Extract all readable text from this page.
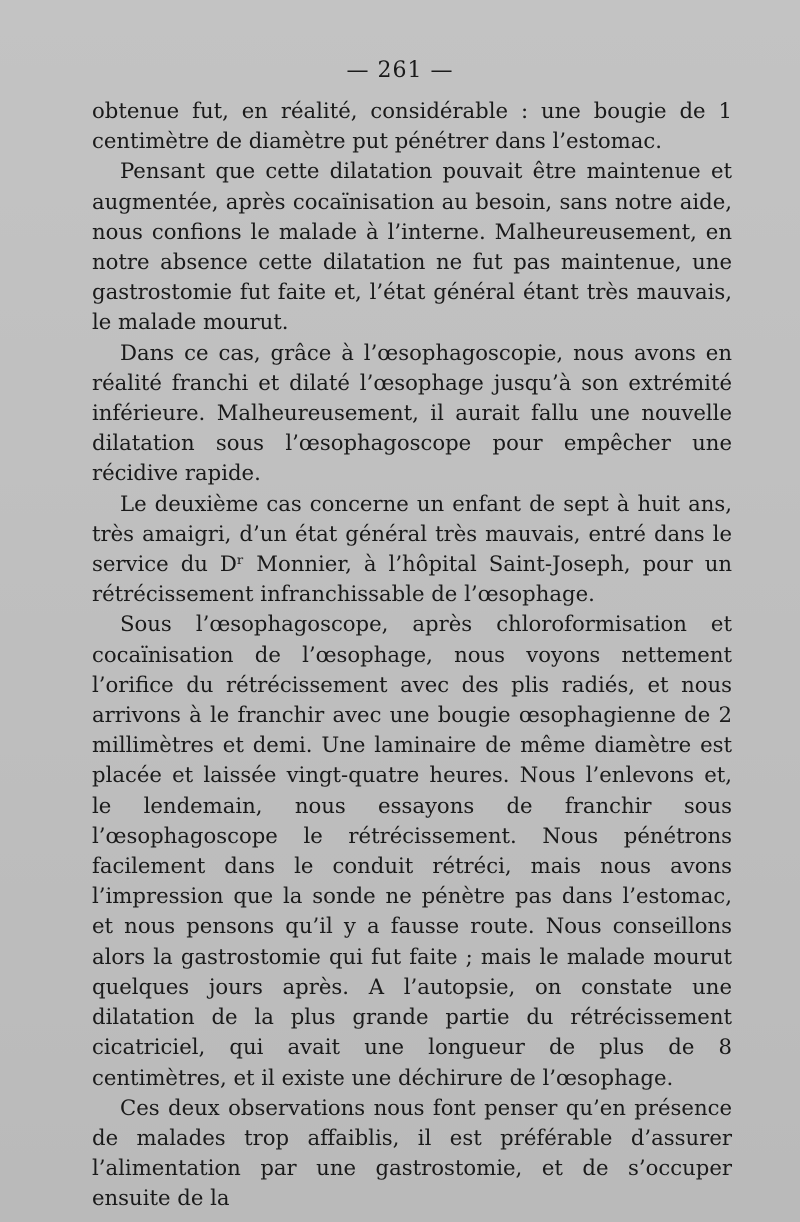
— 261 —

obtenue fut, en réalité, considérable : une bougie de 1 centimètre de diamètre put pénétrer dans l’estomac.

Pensant que cette dilatation pouvait être maintenue et augmentée, après cocaïnisation au besoin, sans notre aide, nous confions le malade à l’interne. Malheureusement, en notre absence cette dilatation ne fut pas maintenue, une gastrostomie fut faite et, l’état général étant très mauvais, le malade mourut.

Dans ce cas, grâce à l’œsophagoscopie, nous avons en réalité franchi et dilaté l’œsophage jusqu’à son extrémité inférieure. Malheureusement, il aurait fallu une nouvelle dilatation sous l’œsophagoscope pour empêcher une récidive rapide.

Le deuxième cas concerne un enfant de sept à huit ans, très amaigri, d’un état général très mauvais, entré dans le service du Dʳ Monnier, à l’hôpital Saint-Joseph, pour un rétrécissement infranchissable de l’œsophage.

Sous l’œsophagoscope, après chloroformisation et cocaïnisation de l’œsophage, nous voyons nettement l’orifice du rétrécissement avec des plis radiés, et nous arrivons à le franchir avec une bougie œsophagienne de 2 millimètres et demi. Une laminaire de même diamètre est placée et laissée vingt-quatre heures. Nous l’enlevons et, le lendemain, nous essayons de franchir sous l’œsophagoscope le rétrécissement. Nous pénétrons facilement dans le conduit rétréci, mais nous avons l’impression que la sonde ne pénètre pas dans l’estomac, et nous pensons qu’il y a fausse route. Nous conseillons alors la gastrostomie qui fut faite ; mais le malade mourut quelques jours après. A l’autopsie, on constate une dilatation de la plus grande partie du rétrécissement cicatriciel, qui avait une longueur de plus de 8 centimètres, et il existe une déchirure de l’œsophage.

Ces deux observations nous font penser qu’en présence de malades trop affaiblis, il est préférable d’assurer l’alimentation par une gastrostomie, et de s’occuper ensuite de la
